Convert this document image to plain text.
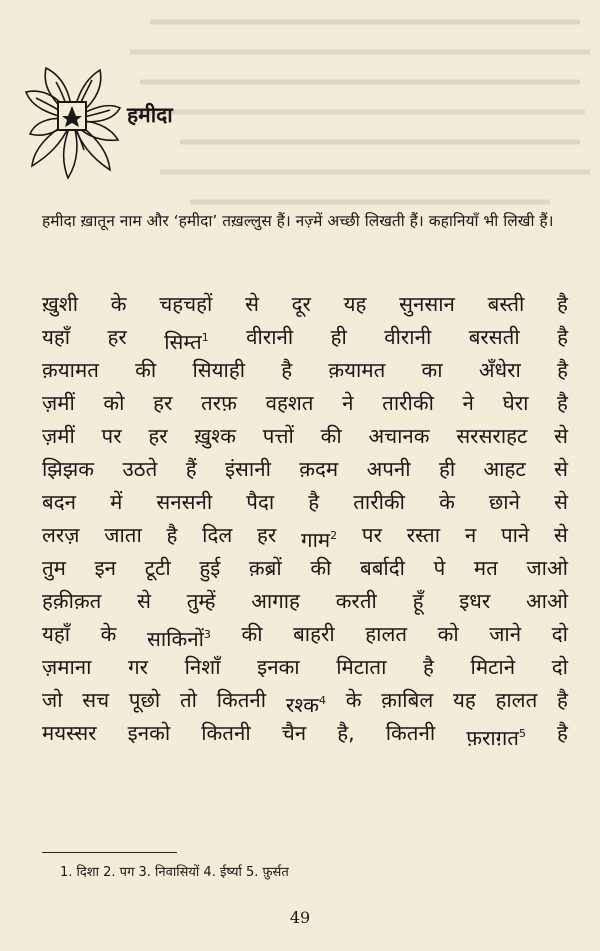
हमीदा

हमीदा ख़ातून नाम और ‘हमीदा’ तख़ल्लुस हैं। नज़्में अच्छी लिखती हैं। कहानियाँ भी लिखी हैं।

ख़ुशी के चहचहों से दूर यह सुनसान बस्ती है
यहाँ हर सिम्त$^1$ वीरानी ही वीरानी बरसती है
क़यामत की सियाही है क़यामत का अँधेरा है
ज़मीं को हर तरफ़ वहशत ने तारीकी ने घेरा है
ज़मीं पर हर ख़ुश्क पत्तों की अचानक सरसराहट से
झिझक उठते हैं इंसानी क़दम अपनी ही आहट से
बदन में सनसनी पैदा है तारीकी के छाने से
लरज़ जाता है दिल हर गाम$^2$ पर रस्ता न पाने से
तुम इन टूटी हुई क़ब्रों की बर्बादी पे मत जाओ
हक़ीक़त से तुम्हें आगाह करती हूँ इधर आओ
यहाँ के साकिनों$^3$ की बाहरी हालत को जाने दो
ज़माना गर निशाँ इनका मिटाता है मिटाने दो
जो सच पूछो तो कितनी रश्क$^4$ के क़ाबिल यह हालत है
मयस्सर इनको कितनी चैन है, कितनी फ़राग़त$^5$ है

1. दिशा 2. पग 3. निवासियों 4. ईर्ष्या 5. फ़ुर्सत

49
